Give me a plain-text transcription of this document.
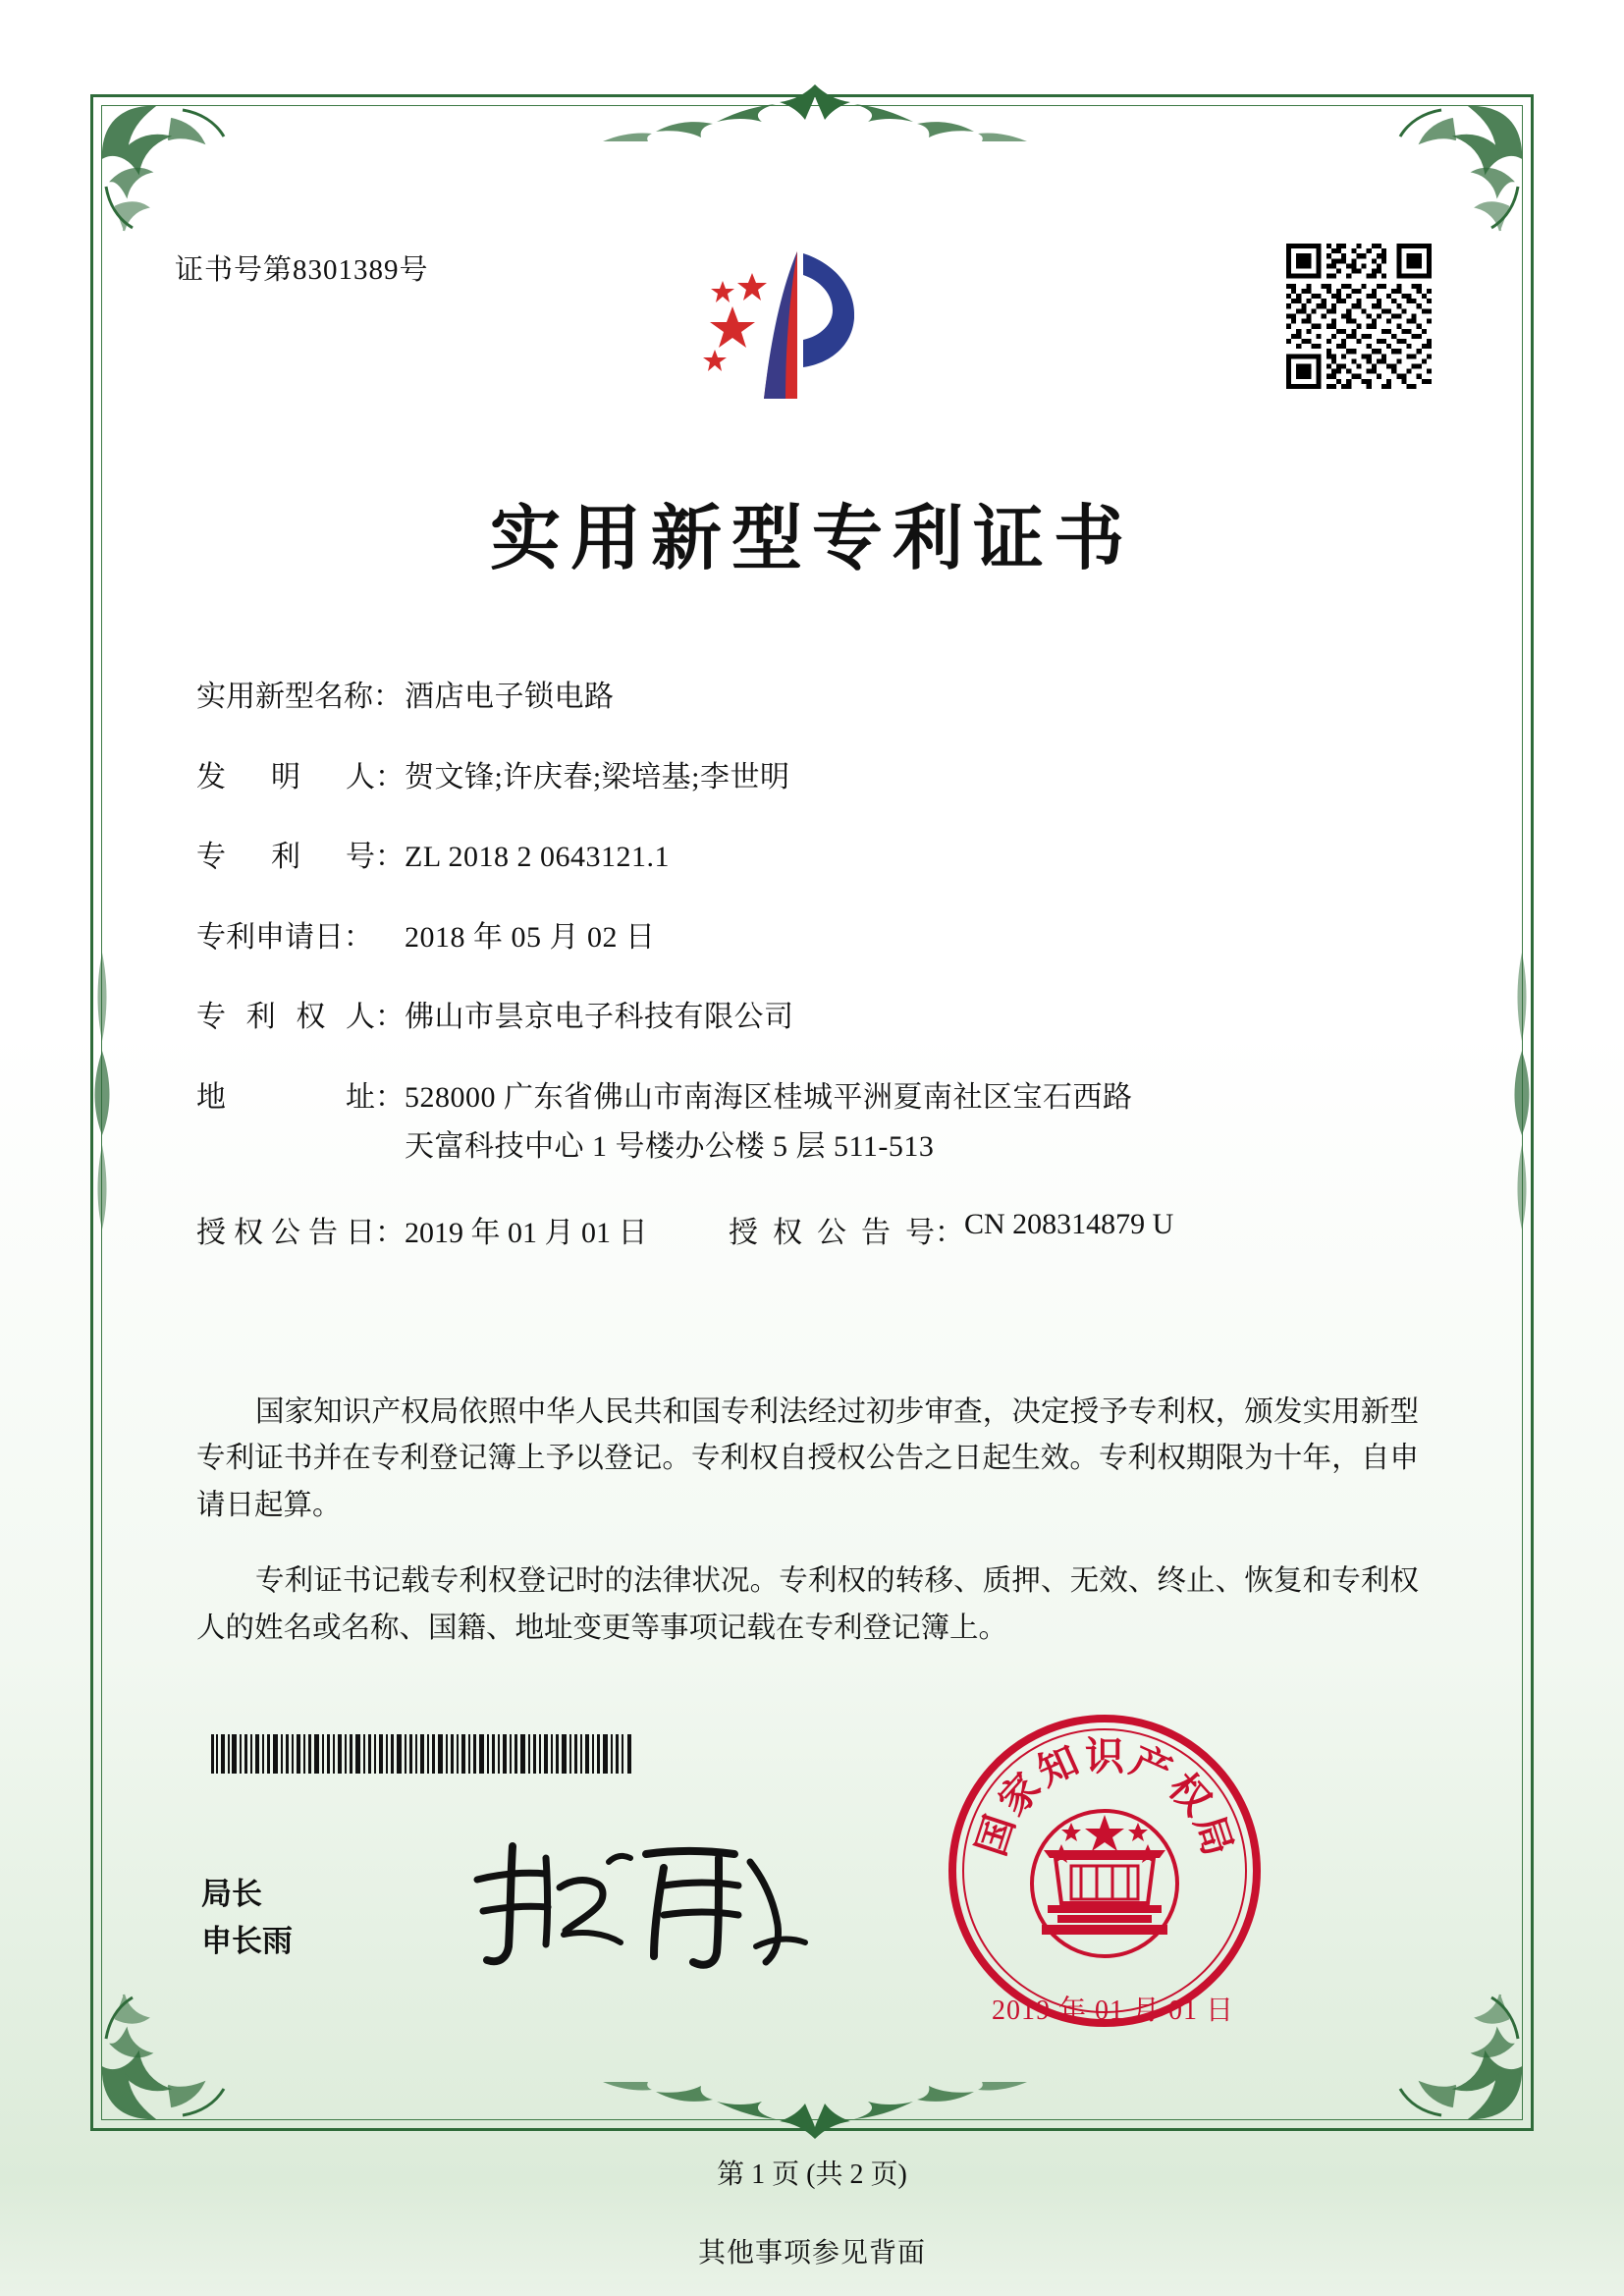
证书号第8301389号
实用新型专利证书
实用新型名称： 酒店电子锁电路
发 明 人： 贺文锋;许庆春;梁培基;李世明
专 利 号： ZL 2018 2 0643121.1
专利申请日：	2018 年 05 月 02 日
专 利 权 人： 佛山市昙京电子科技有限公司
地	址： 528000 广东省佛山市南海区桂城平洲夏南社区宝石西路
天富科技中心 1 号楼办公楼 5 层 511-513
授 权 公 告 日： 2019 年 01 月 01 日	授 权 公 告 号： CN 208314879 U

国家知识产权局依照中华人民共和国专利法经过初步审查，决定授予专利权，颁发实用新型专利证书并在专利登记簿上予以登记。专利权自授权公告之日起生效。专利权期限为十年，自申请日起算。

专利证书记载专利权登记时的法律状况。专利权的转移、质押、无效、终止、恢复和专利权人的姓名或名称、国籍、地址变更等事项记载在专利登记簿上。

局长
申长雨
国
家
知 识 产
权
局
2019 年 01 月 01 日
第 1 页 (共 2 页)
其他事项参见背面
